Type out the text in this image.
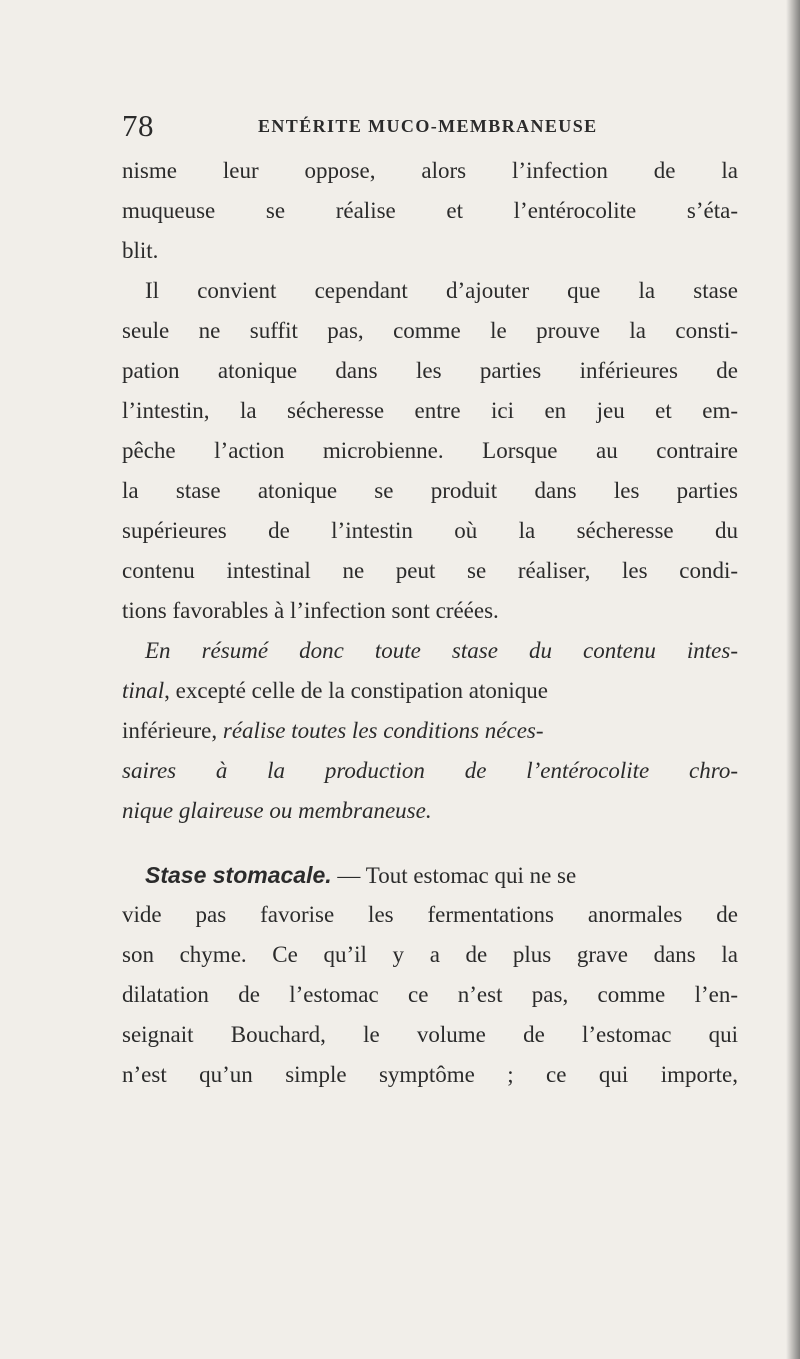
78	ENTÉRITE MUCO-MEMBRANEUSE
nisme leur oppose, alors l’infection de la
muqueuse se réalise et l’entérocolite s’éta-
blit.
Il convient cependant d’ajouter que la stase
seule ne suffit pas, comme le prouve la consti-
pation atonique dans les parties inférieures de
l’intestin, la sécheresse entre ici en jeu et em-
pêche l’action microbienne. Lorsque au contraire
la stase atonique se produit dans les parties
supérieures de l’intestin où la sécheresse du
contenu intestinal ne peut se réaliser, les condi-
tions favorables à l’infection sont créées.
En résumé donc toute stase du contenu intes-
tinal, excepté celle de la constipation atonique
inférieure, réalise toutes les conditions néces-
saires à la production de l’entérocolite chro-
nique glaireuse ou membraneuse.
Stase stomacale. — Tout estomac qui ne se
vide pas favorise les fermentations anormales de
son chyme. Ce qu’il y a de plus grave dans la
dilatation de l’estomac ce n’est pas, comme l’en-
seignait Bouchard, le volume de l’estomac qui
n’est qu’un simple symptôme ; ce qui importe,
